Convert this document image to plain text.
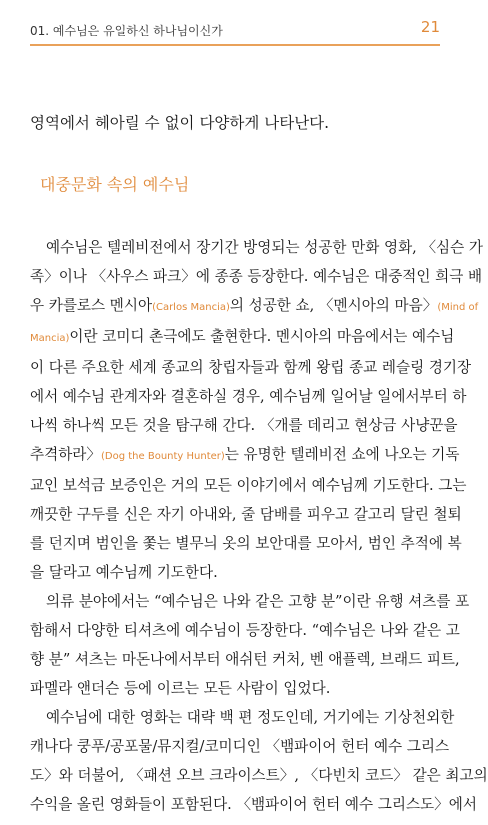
01. 예수님은 유일하신 하나님이신가	21

영역에서 헤아릴 수 없이 다양하게 나타난다.

대중문화 속의 예수님

예수님은 텔레비전에서 장기간 방영되는 성공한 만화 영화, 〈심슨 가
족〉이나 〈사우스 파크〉에 종종 등장한다. 예수님은 대중적인 희극 배
우 카를로스 멘시아(Carlos Mancia)의 성공한 쇼, 〈멘시아의 마음〉(Mind of
Mancia)이란 코미디 촌극에도 출현한다. 멘시아의 마음에서는 예수님
이 다른 주요한 세계 종교의 창립자들과 함께 왕립 종교 레슬링 경기장
에서 예수님 관계자와 결혼하실 경우, 예수님께 일어날 일에서부터 하
나씩 하나씩 모든 것을 탐구해 간다. 〈개를 데리고 현상금 사냥꾼을
추격하라〉(Dog the Bounty Hunter)는 유명한 텔레비전 쇼에 나오는 기독
교인 보석금 보증인은 거의 모든 이야기에서 예수님께 기도한다. 그는
깨끗한 구두를 신은 자기 아내와, 줄 담배를 피우고 갈고리 달린 철퇴
를 던지며 범인을 쫓는 별무늬 옷의 보안대를 모아서, 범인 추적에 복
을 달라고 예수님께 기도한다.

의류 분야에서는 “예수님은 나와 같은 고향 분”이란 유행 셔츠를 포
함해서 다양한 티셔츠에 예수님이 등장한다. “예수님은 나와 같은 고
향 분” 셔츠는 마돈나에서부터 애쉬턴 커처, 벤 애플렉, 브래드 피트,
파멜라 앤더슨 등에 이르는 모든 사람이 입었다.

예수님에 대한 영화는 대략 백 편 정도인데, 거기에는 기상천외한
캐나다 쿵푸/공포물/뮤지컬/코미디인 〈뱀파이어 헌터 예수 그리스
도〉와 더불어, 〈패션 오브 크라이스트〉, 〈다빈치 코드〉 같은 최고의
수익을 올린 영화들이 포함된다. 〈뱀파이어 헌터 예수 그리스도〉에서
